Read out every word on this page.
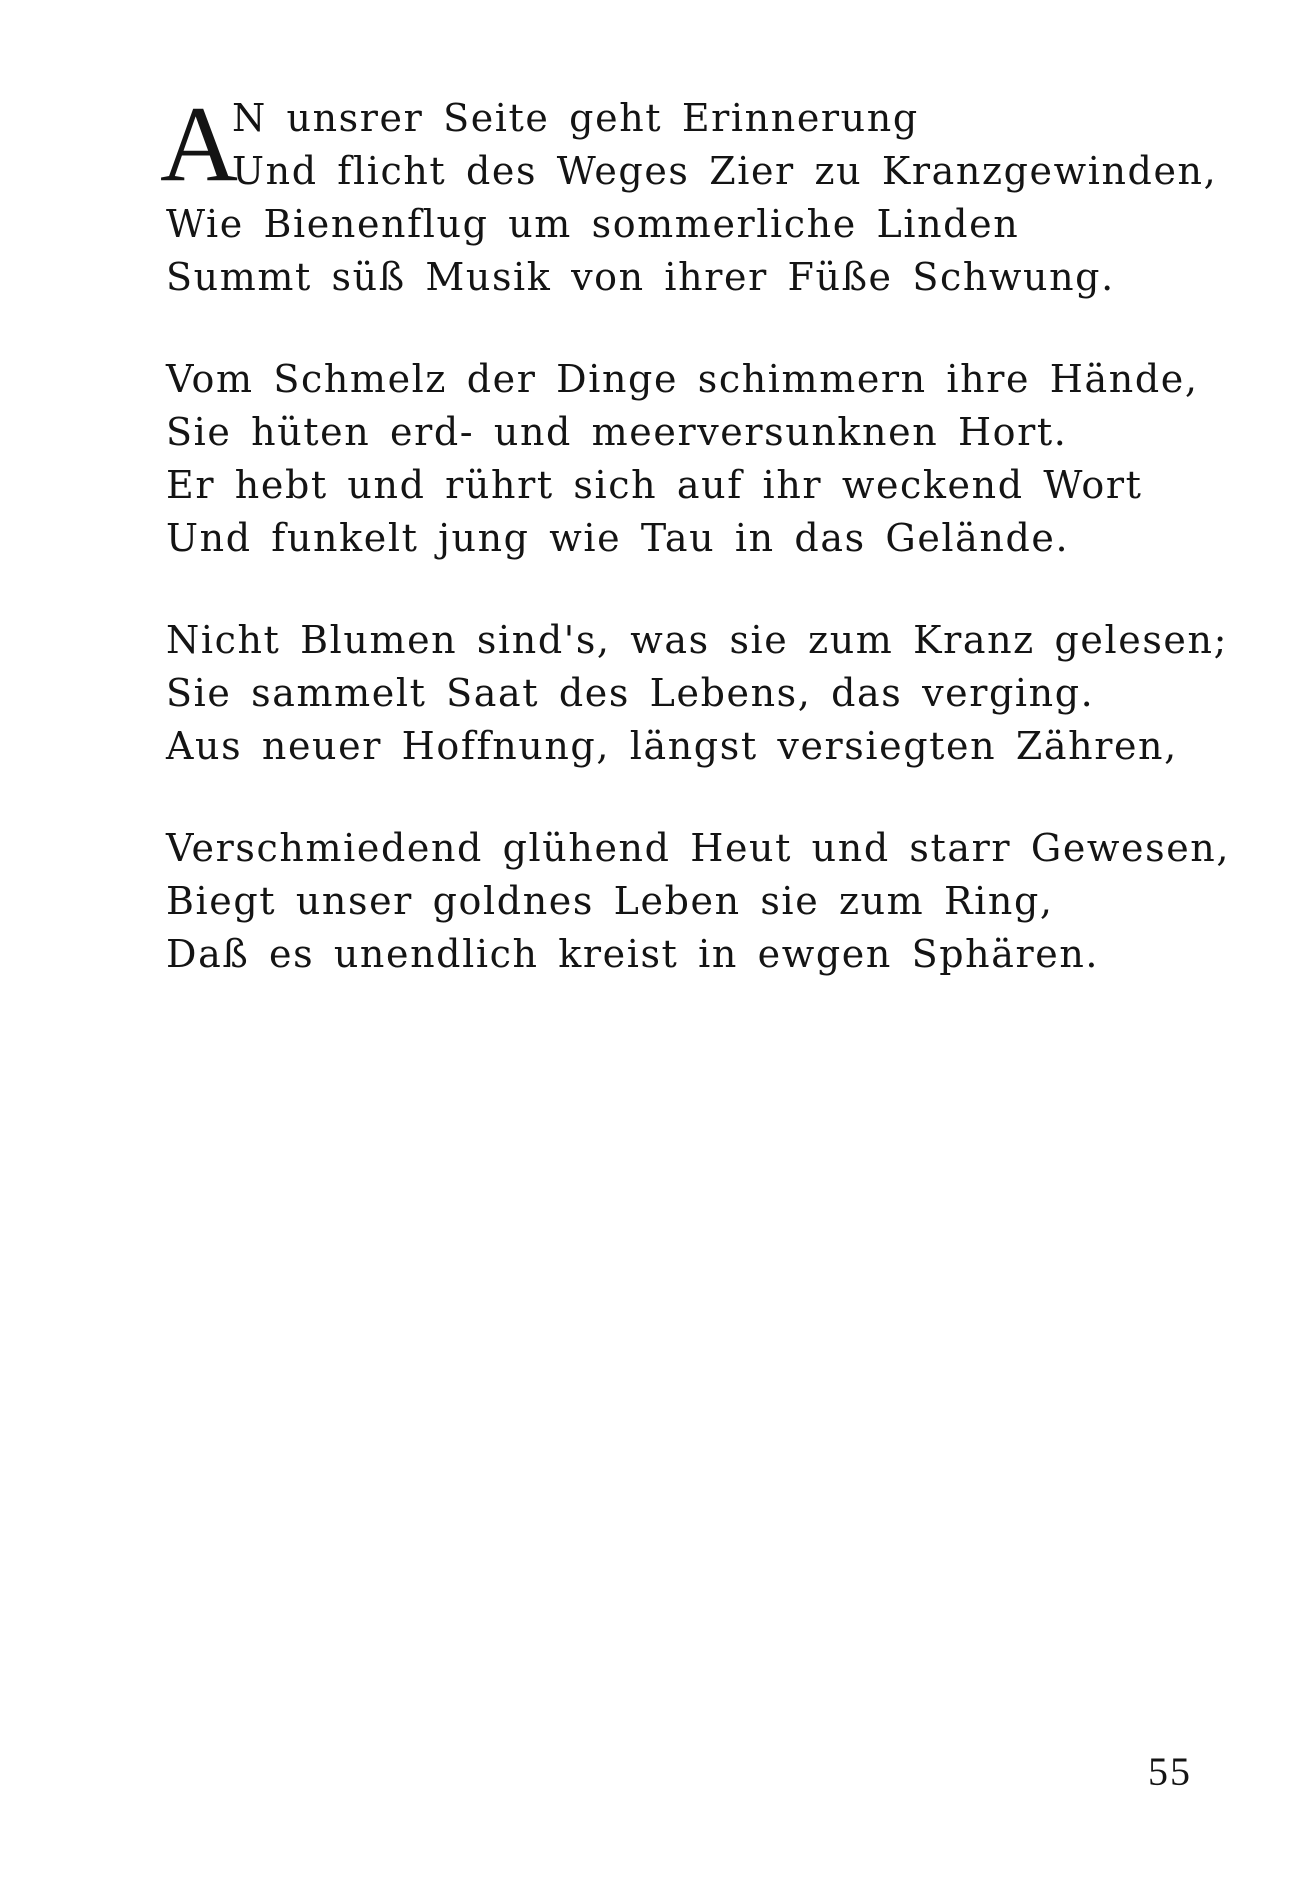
A
N unsrer Seite geht Erinnerung
Und flicht des Weges Zier zu Kranzgewinden,
Wie Bienenflug um sommerliche Linden
Summt süß Musik von ihrer Füße Schwung.
Vom Schmelz der Dinge schimmern ihre Hände,
Sie hüten erd- und meerversunknen Hort.
Er hebt und rührt sich auf ihr weckend Wort
Und funkelt jung wie Tau in das Gelände.
Nicht Blumen sind's, was sie zum Kranz gelesen;
Sie sammelt Saat des Lebens, das verging.
Aus neuer Hoffnung, längst versiegten Zähren,
Verschmiedend glühend Heut und starr Gewesen,
Biegt unser goldnes Leben sie zum Ring,
Daß es unendlich kreist in ewgen Sphären.
55
